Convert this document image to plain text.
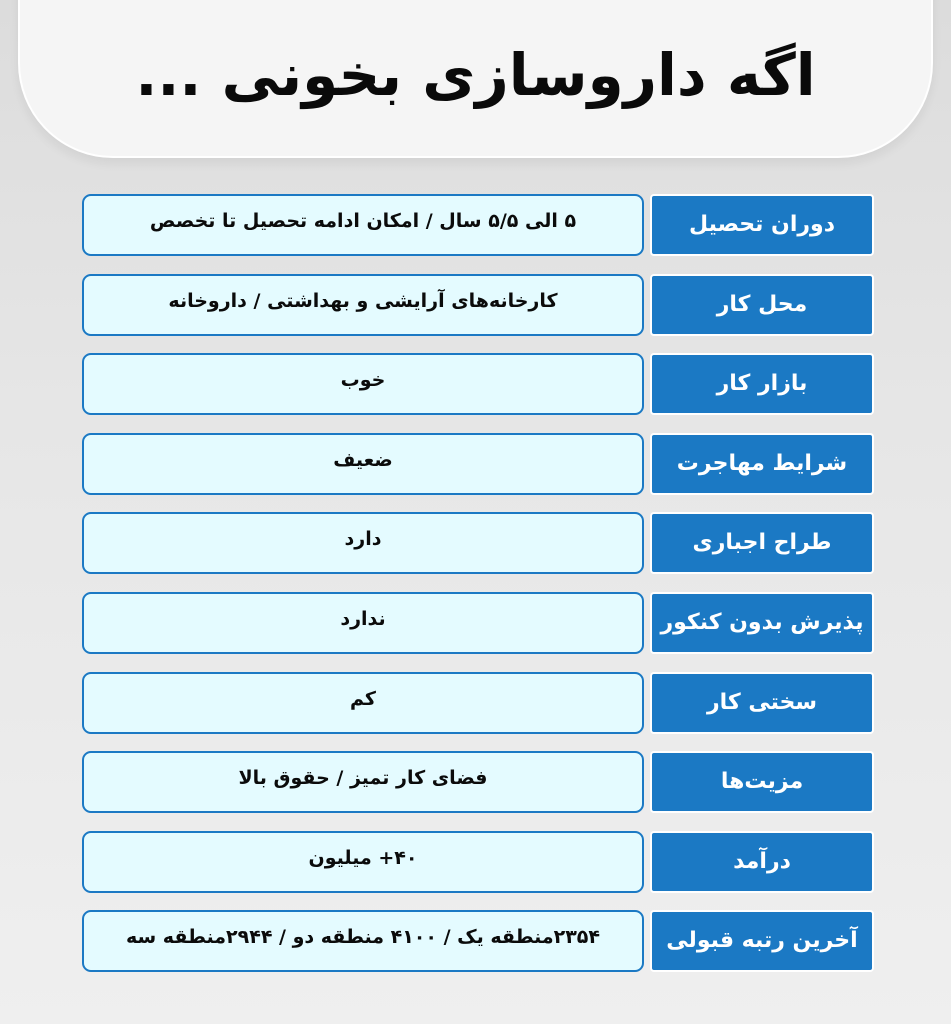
اگه داروسازی بخونی ...
دوران تحصیل
۵ الی ۵/۵ سال / امکان ادامه تحصیل تا تخصص
محل کار
کارخانه‌های آرایشی و بهداشتی / داروخانه
بازار کار
خوب
شرایط مهاجرت
ضعیف
طراح اجباری
دارد
پذیرش بدون کنکور
ندارد
سختی کار
کم
مزیت‌ها
فضای کار تمیز / حقوق بالا
درآمد
۴۰+ میلیون
آخرین رتبه قبولی
۲۳۵۴منطقه یک / ۴۱۰۰ منطقه دو / ۲۹۴۴منطقه سه
